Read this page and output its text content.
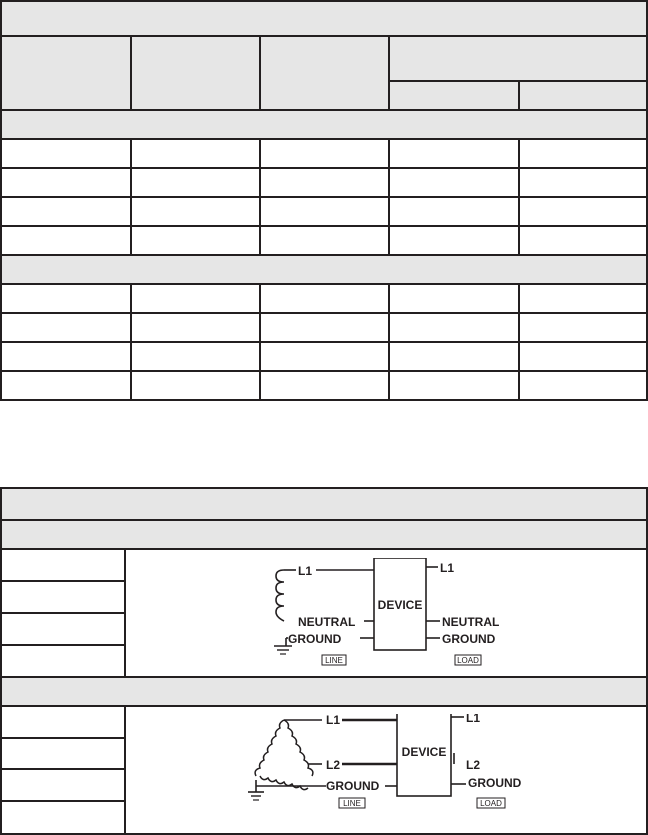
L1
NEUTRAL
GROUND
DEVICE
L1
NEUTRAL
GROUND
LINE	LOAD
L1
L2
GROUND
DEVICE
L1
L2
GROUND
LINE	LOAD
